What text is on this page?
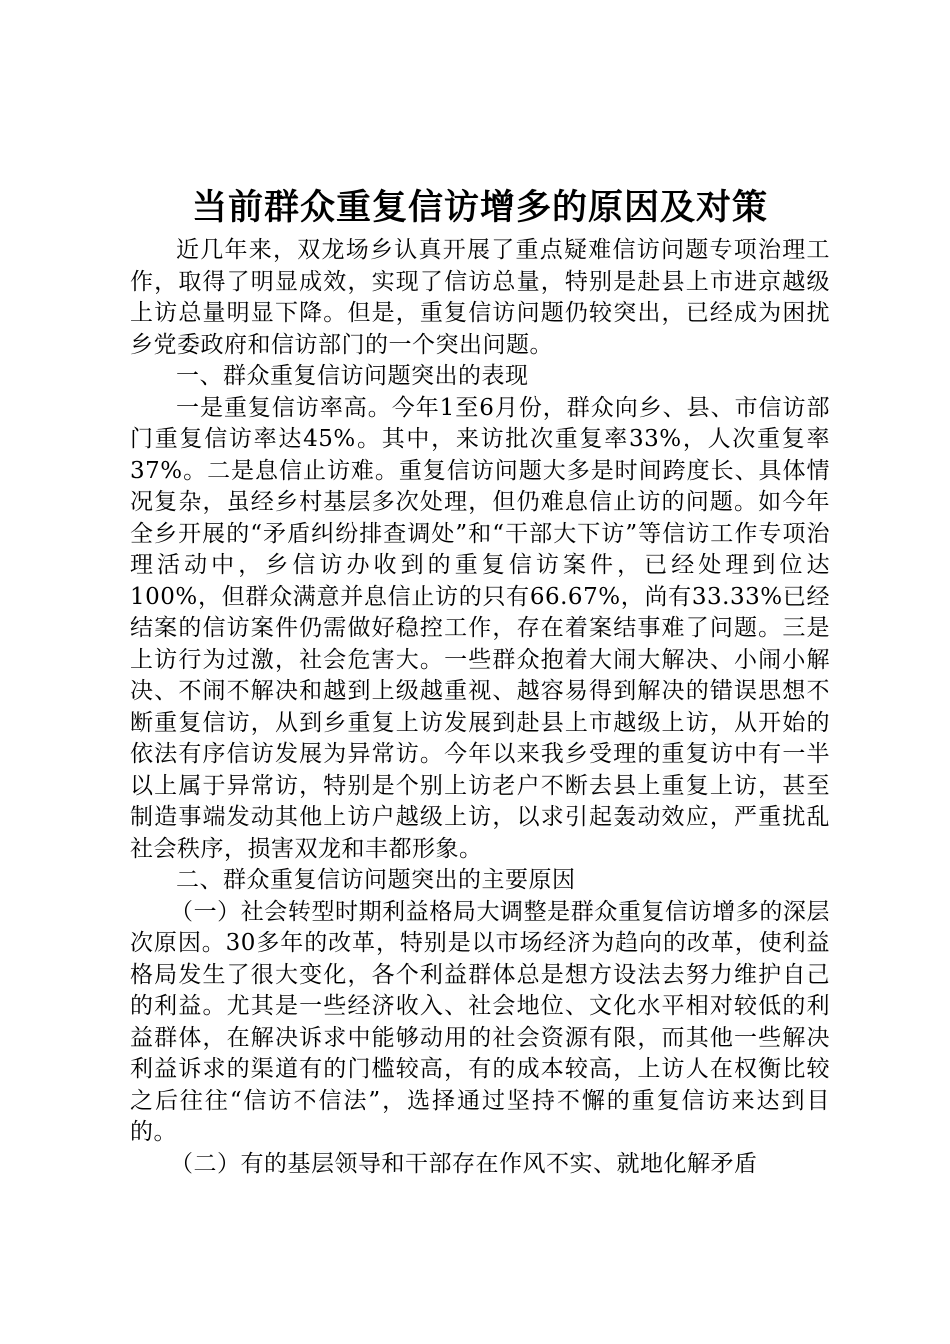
当前群众重复信访增多的原因及对策

近几年来，双龙场乡认真开展了重点疑难信访问题专项治理工作，取得了明显成效，实现了信访总量，特别是赴县上市进京越级上访总量明显下降。但是，重复信访问题仍较突出，已经成为困扰乡党委政府和信访部门的一个突出问题。

一、群众重复信访问题突出的表现

一是重复信访率高。今年1至6月份，群众向乡、县、市信访部门重复信访率达45%。其中，来访批次重复率33%，人次重复率37%。二是息信止访难。重复信访问题大多是时间跨度长、具体情况复杂，虽经乡村基层多次处理，但仍难息信止访的问题。如今年全乡开展的“矛盾纠纷排查调处”和“干部大下访”等信访工作专项治理活动中，乡信访办收到的重复信访案件，已经处理到位达100%，但群众满意并息信止访的只有66.67%，尚有33.33%已经结案的信访案件仍需做好稳控工作，存在着案结事难了问题。三是上访行为过激，社会危害大。一些群众抱着大闹大解决、小闹小解决、不闹不解决和越到上级越重视、越容易得到解决的错误思想不断重复信访，从到乡重复上访发展到赴县上市越级上访，从开始的依法有序信访发展为异常访。今年以来我乡受理的重复访中有一半以上属于异常访，特别是个别上访老户不断去县上重复上访，甚至制造事端发动其他上访户越级上访，以求引起轰动效应，严重扰乱社会秩序，损害双龙和丰都形象。

二、群众重复信访问题突出的主要原因

（一）社会转型时期利益格局大调整是群众重复信访增多的深层次原因。30多年的改革，特别是以市场经济为趋向的改革，使利益格局发生了很大变化，各个利益群体总是想方设法去努力维护自己的利益。尤其是一些经济收入、社会地位、文化水平相对较低的利益群体，在解决诉求中能够动用的社会资源有限，而其他一些解决利益诉求的渠道有的门槛较高，有的成本较高，上访人在权衡比较之后往往“信访不信法”，选择通过坚持不懈的重复信访来达到目的。

（二）有的基层领导和干部存在作风不实、就地化解矛盾
